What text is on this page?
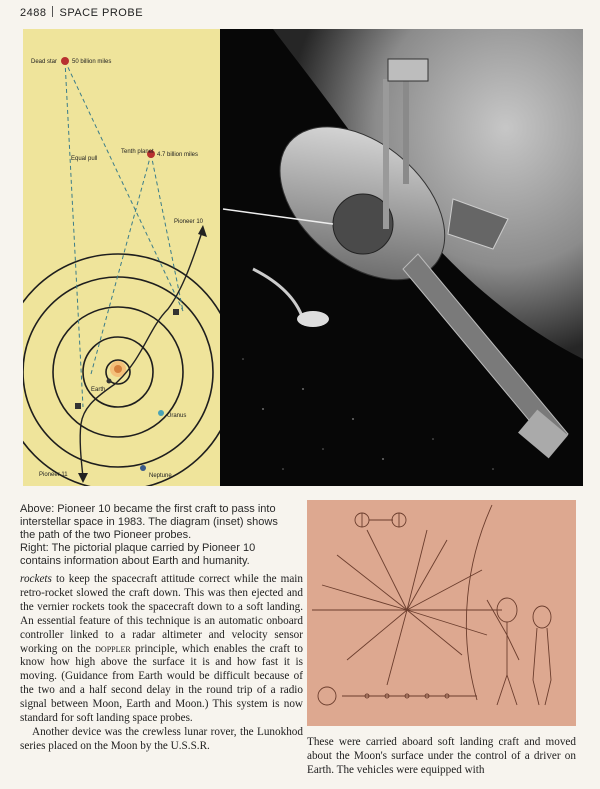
2488 SPACE PROBE
Dead star 50 billion miles
Tenth planet 4.7 billion miles
Equal pull
Pioneer 10
Earth
Uranus
Neptune
Pioneer 11

Above: Pioneer 10 became the first craft to pass into interstellar space in 1983. The diagram (inset) shows the path of the two Pioneer probes.

Right: The pictorial plaque carried by Pioneer 10 contains information about Earth and humanity.

rockets to keep the spacecraft attitude correct while the main retro-rocket slowed the craft down. This was then ejected and the vernier rockets took the spacecraft down to a soft landing. An essential feature of this technique is an automatic onboard controller linked to a radar altimeter and velocity sensor working on the doppler principle, which enables the craft to know how high above the surface it is and how fast it is moving. (Guidance from Earth would be difficult because of the two and a half second delay in the round trip of a radio signal between Moon, Earth and Moon.) This system is now standard for soft landing space probes.

Another device was the crewless lunar rover, the Lunokhod series placed on the Moon by the U.S.S.R.	These were carried aboard soft landing craft and moved about the Moon's surface under the control of a driver on Earth. The vehicles were equipped with
